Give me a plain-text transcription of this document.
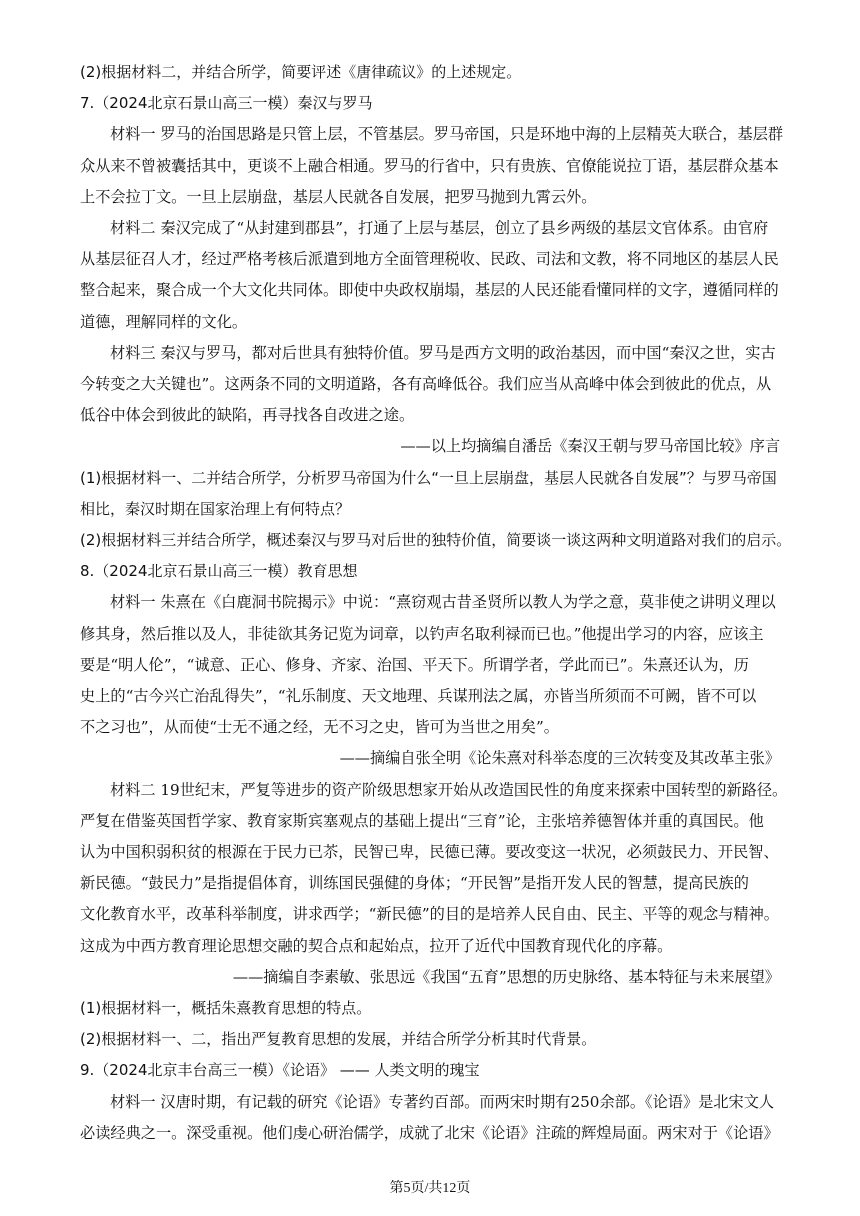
(2)根据材料二，并结合所学，简要评述《唐律疏议》的上述规定。
7.（2024北京石景山高三一模）秦汉与罗马
材料一 罗马的治国思路是只管上层，不管基层。罗马帝国，只是环地中海的上层精英大联合，基层群
众从来不曾被囊括其中，更谈不上融合相通。罗马的行省中，只有贵族、官僚能说拉丁语，基层群众基本
上不会拉丁文。一旦上层崩盘，基层人民就各自发展，把罗马抛到九霄云外。
材料二 秦汉完成了“从封建到郡县”，打通了上层与基层，创立了县乡两级的基层文官体系。由官府
从基层征召人才，经过严格考核后派遣到地方全面管理税收、民政、司法和文教，将不同地区的基层人民
整合起来，聚合成一个大文化共同体。即使中央政权崩塌，基层的人民还能看懂同样的文字，遵循同样的
道德，理解同样的文化。
材料三 秦汉与罗马，都对后世具有独特价值。罗马是西方文明的政治基因，而中国“秦汉之世，实古
今转变之大关键也”。这两条不同的文明道路，各有高峰低谷。我们应当从高峰中体会到彼此的优点，从
低谷中体会到彼此的缺陷，再寻找各自改进之途。
——以上均摘编自潘岳《秦汉王朝与罗马帝国比较》序言
(1)根据材料一、二并结合所学，分析罗马帝国为什么“一旦上层崩盘，基层人民就各自发展”？与罗马帝国
相比，秦汉时期在国家治理上有何特点？
(2)根据材料三并结合所学，概述秦汉与罗马对后世的独特价值，简要谈一谈这两种文明道路对我们的启示。
8.（2024北京石景山高三一模）教育思想
材料一 朱熹在《白鹿洞书院揭示》中说：“熹窃观古昔圣贤所以教人为学之意，莫非使之讲明义理以
修其身，然后推以及人，非徒欲其务记览为词章，以钓声名取利禄而已也。”他提出学习的内容，应该主
要是“明人伦”，“诚意、正心、修身、齐家、治国、平天下。所谓学者，学此而已”。朱熹还认为，历
史上的“古今兴亡治乱得失”，“礼乐制度、天文地理、兵谋刑法之属，亦皆当所须而不可阙，皆不可以
不之习也”，从而使“士无不通之经，无不习之史，皆可为当世之用矣”。
——摘编自张全明《论朱熹对科举态度的三次转变及其改革主张》
材料二 19世纪末，严复等进步的资产阶级思想家开始从改造国民性的角度来探索中国转型的新路径。
严复在借鉴英国哲学家、教育家斯宾塞观点的基础上提出“三育”论，主张培养德智体并重的真国民。他
认为中国积弱积贫的根源在于民力已苶，民智已卑，民德已薄。要改变这一状况，必须鼓民力、开民智、
新民德。“鼓民力”是指提倡体育，训练国民强健的身体；“开民智”是指开发人民的智慧，提高民族的
文化教育水平，改革科举制度，讲求西学；“新民德”的目的是培养人民自由、民主、平等的观念与精神。
这成为中西方教育理论思想交融的契合点和起始点，拉开了近代中国教育现代化的序幕。
——摘编自李素敏、张思远《我国“五育”思想的历史脉络、基本特征与未来展望》
(1)根据材料一，概括朱熹教育思想的特点。
(2)根据材料一、二，指出严复教育思想的发展，并结合所学分析其时代背景。
9.（2024北京丰台高三一模）《论语》 —— 人类文明的瑰宝
材料一 汉唐时期，有记载的研究《论语》专著约百部。而两宋时期有250余部。《论语》是北宋文人
必读经典之一。深受重视。他们虔心研治儒学，成就了北宋《论语》注疏的辉煌局面。两宋对于《论语》
第5页/共12页
